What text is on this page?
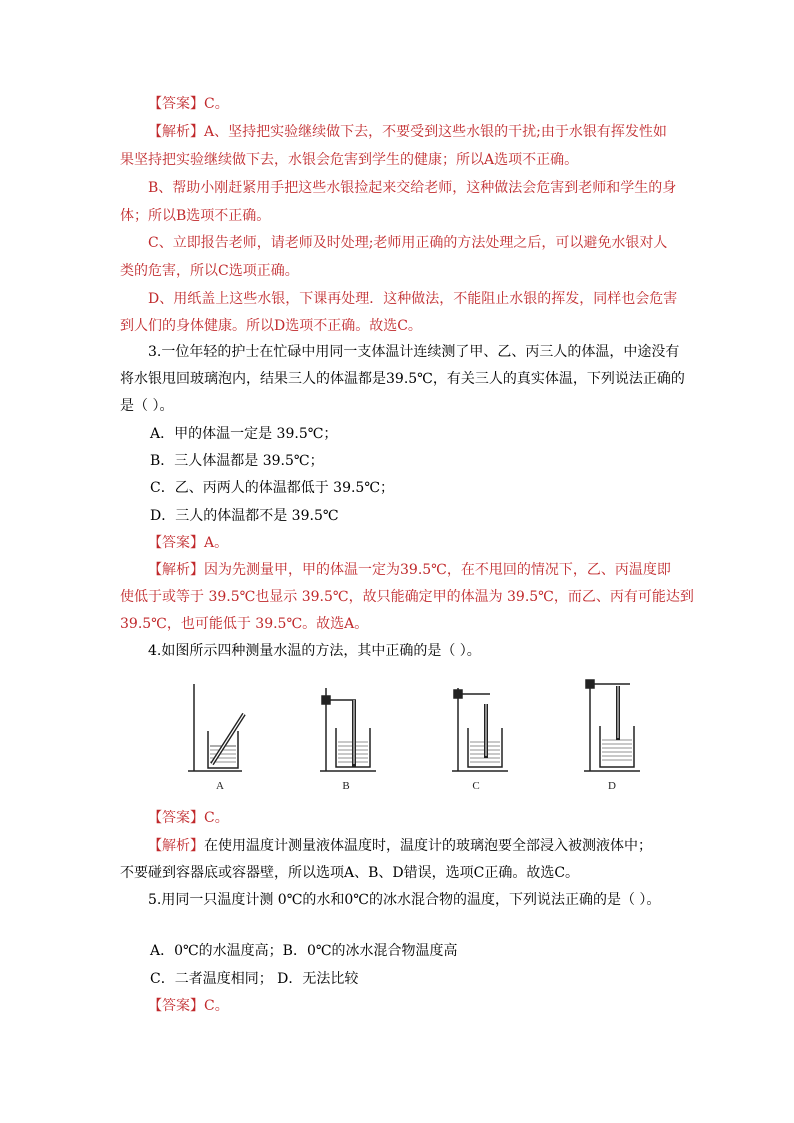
【答案】C。
【解析】A、坚持把实验继续做下去，不要受到这些水银的干扰;由于水银有挥发性如
果坚持把实验继续做下去，水银会危害到学生的健康；所以A选项不正确。
B、帮助小刚赶紧用手把这些水银捡起来交给老师，这种做法会危害到老师和学生的身
体；所以B选项不正确。
C、立即报告老师，请老师及时处理;老师用正确的方法处理之后，可以避免水银对人
类的危害，所以C选项正确。
D、用纸盖上这些水银，下课再处理．这种做法，不能阻止水银的挥发，同样也会危害
到人们的身体健康。所以D选项不正确。故选C。
3.一位年轻的护士在忙碌中用同一支体温计连续测了甲、乙、丙三人的体温，中途没有
将水银甩回玻璃泡内，结果三人的体温都是39.5℃，有关三人的真实体温，下列说法正确的
是（ ）。
A．甲的体温一定是 39.5℃；
B．三人体温都是 39.5℃；
C．乙、丙两人的体温都低于 39.5℃；
D．三人的体温都不是 39.5℃
【答案】A。
【解析】因为先测量甲，甲的体温一定为39.5℃，在不甩回的情况下，乙、丙温度即
使低于或等于 39.5℃也显示 39.5℃，故只能确定甲的体温为 39.5℃，而乙、丙有可能达到
39.5℃，也可能低于 39.5℃。故选A。
4.如图所示四种测量水温的方法，其中正确的是（ ）。
A	B	C	D
【答案】C。
【解析】在使用温度计测量液体温度时，温度计的玻璃泡要全部浸入被测液体中；
不要碰到容器底或容器壁，所以选项A、B、D错误，选项C正确。故选C。
5.用同一只温度计测 0℃的水和0℃的冰水混合物的温度，下列说法正确的是（ ）。
A．0℃的水温度高；B．0℃的冰水混合物温度高
C．二者温度相同； D．无法比较
【答案】C。
